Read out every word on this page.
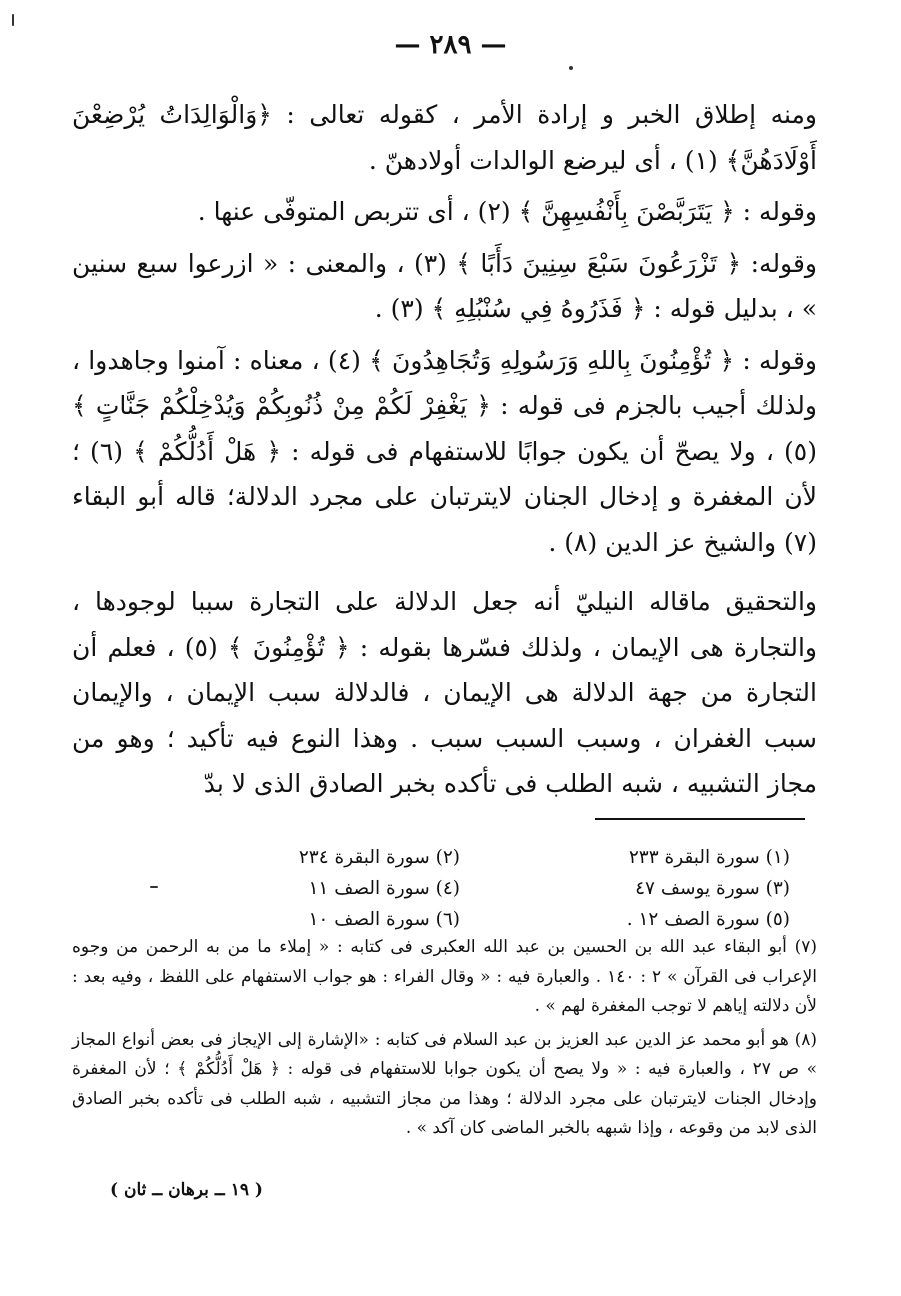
— ٢٨٩ —

ومنه إطلاق الخبر و إرادة الأمر ، كقوله تعالى : ﴿وَالْوَالِدَاتُ يُرْضِعْنَ أَوْلَادَهُنَّ﴾ (١) ، أى ليرضع الوالدات أولادهنّ .

وقوله : ﴿ يَتَرَبَّصْنَ بِأَنْفُسِهِنَّ ﴾ (٢) ، أى تتربص المتوفّى عنها .

وقوله: ﴿ تَزْرَعُونَ سَبْعَ سِنِينَ دَأَبًا ﴾ (٣) ، والمعنى : « ازرعوا سبع سنين » ، بدليل قوله : ﴿ فَذَرُوهُ فِي سُنْبُلِهِ ﴾ (٣) .

وقوله : ﴿ تُؤْمِنُونَ بِاللهِ وَرَسُولِهِ وَتُجَاهِدُونَ ﴾ (٤) ، معناه : آمنوا وجاهدوا ، ولذلك أجيب بالجزم فى قوله : ﴿ يَغْفِرْ لَكُمْ مِنْ ذُنُوبِكُمْ وَيُدْخِلْكُمْ جَنَّاتٍ ﴾ (٥) ، ولا يصحّ أن يكون جوابًا للاستفهام فى قوله : ﴿ هَلْ أَدُلُّكُمْ ﴾ (٦) ؛ لأن المغفرة و إدخال الجنان لايترتبان على مجرد الدلالة؛ قاله أبو البقاء (٧) والشيخ عز الدين (٨) .

والتحقيق ماقاله النيليّ أنه جعل الدلالة على التجارة سببا لوجودها ، والتجارة هى الإيمان ، ولذلك فسّرها بقوله : ﴿ تُؤْمِنُونَ ﴾ (٥) ، فعلم أن التجارة من جهة الدلالة هى الإيمان ، فالدلالة سبب الإيمان ، والإيمان سبب الغفران ، وسبب السبب سبب . وهذا النوع فيه تأكيد ؛ وهو من مجاز التشبيه ، شبه الطلب فى تأكده بخبر الصادق الذى لا بدّ

(١) سورة البقرة ٢٣٣
(٢) سورة البقرة ٢٣٤
(٣) سورة يوسف ٤٧
(٤) سورة الصف ١١
(٥) سورة الصف ١٢ .
(٦) سورة الصف ١٠

(٧) أبو البقاء عبد الله بن الحسين بن عبد الله العكبرى فى كتابه : « إملاء ما من به الرحمن من وجوه الإعراب فى القرآن » ٢ : ١٤٠ . والعبارة فيه : « وقال الفراء : هو جواب الاستفهام على اللفظ ، وفيه بعد : لأن دلالته إياهم لا توجب المغفرة لهم » .

(٨) هو أبو محمد عز الدين عبد العزيز بن عبد السلام فى كتابه : «الإشارة إلى الإيجاز فى بعض أنواع المجاز » ص ٢٧ ، والعبارة فيه : « ولا يصح أن يكون جوابا للاستفهام فى قوله : ﴿ هَلْ أَدُلُّكُمْ ﴾ ؛ لأن المغفرة وإدخال الجنات لايترتبان على مجرد الدلالة ؛ وهذا من مجاز التشبيه ، شبه الطلب فى تأكده بخبر الصادق الذى لابد من وقوعه ، وإذا شبهه بالخبر الماضى كان آكد » .

( ١٩ ــ برهان ــ ثان )
